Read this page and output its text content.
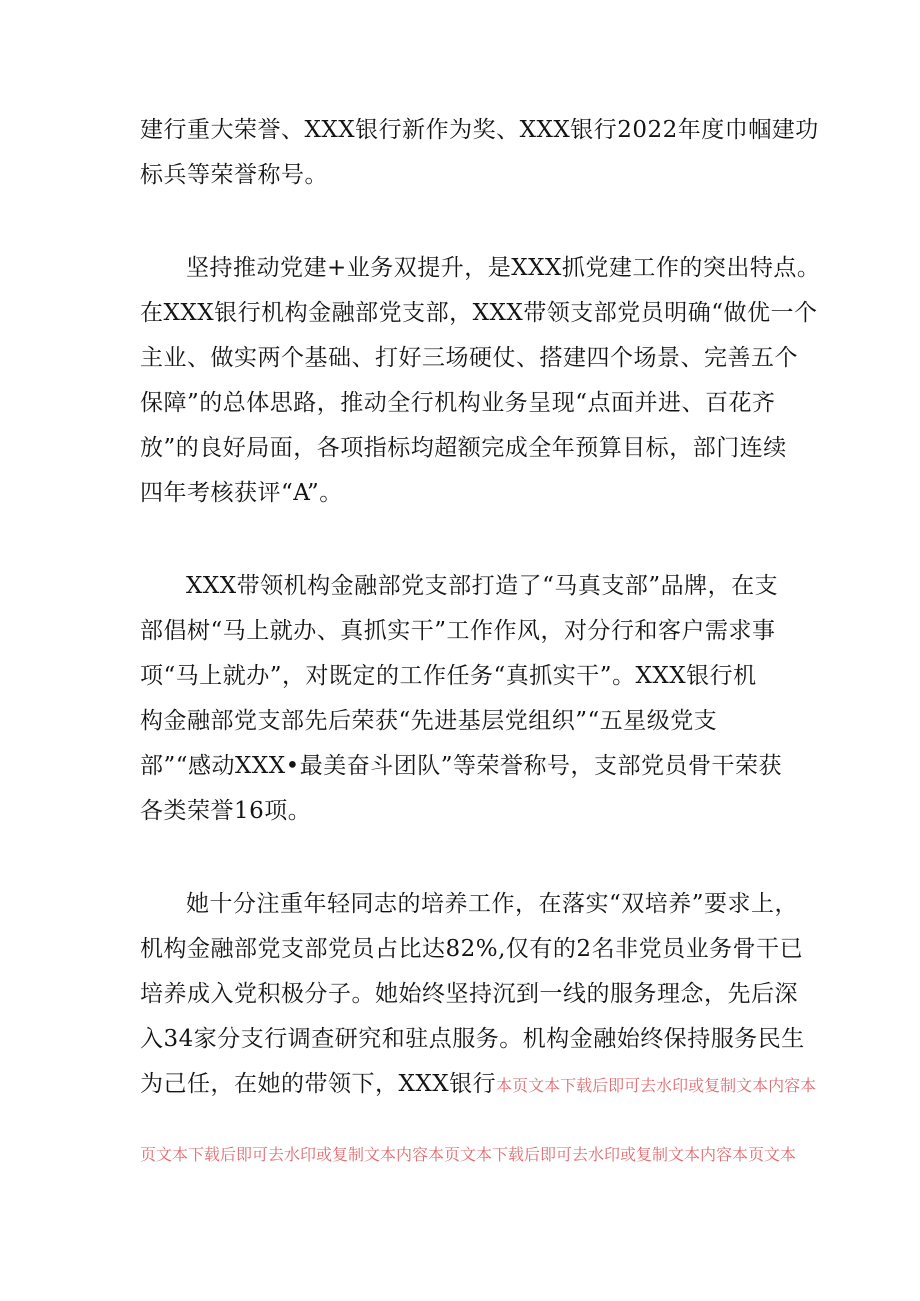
建行重大荣誉、XXX银行新作为奖、XXX银行2022年度巾帼建功
标兵等荣誉称号。
坚持推动党建+业务双提升，是XXX抓党建工作的突出特点。
在XXX银行机构金融部党支部，XXX带领支部党员明确“做优一个
主业、做实两个基础、打好三场硬仗、搭建四个场景、完善五个
保障”的总体思路，推动全行机构业务呈现“点面并进、百花齐
放”的良好局面，各项指标均超额完成全年预算目标，部门连续
四年考核获评“A”。
XXX带领机构金融部党支部打造了“马真支部”品牌，在支
部倡树“马上就办、真抓实干”工作作风，对分行和客户需求事
项“马上就办”，对既定的工作任务“真抓实干”。XXX银行机
构金融部党支部先后荣获“先进基层党组织”“五星级党支
部”“感动XXX•最美奋斗团队”等荣誉称号，支部党员骨干荣获
各类荣誉16项。
她十分注重年轻同志的培养工作，在落实“双培养”要求上，
机构金融部党支部党员占比达82%,仅有的2名非党员业务骨干已
培养成入党积极分子。她始终坚持沉到一线的服务理念，先后深
入34家分支行调查研究和驻点服务。机构金融始终保持服务民生
为己任，在她的带领下，XXX银行本页文本下载后即可去水印或复制文本内容本
页文本下载后即可去水印或复制文本内容本页文本下载后即可去水印或复制文本内容本页文本
